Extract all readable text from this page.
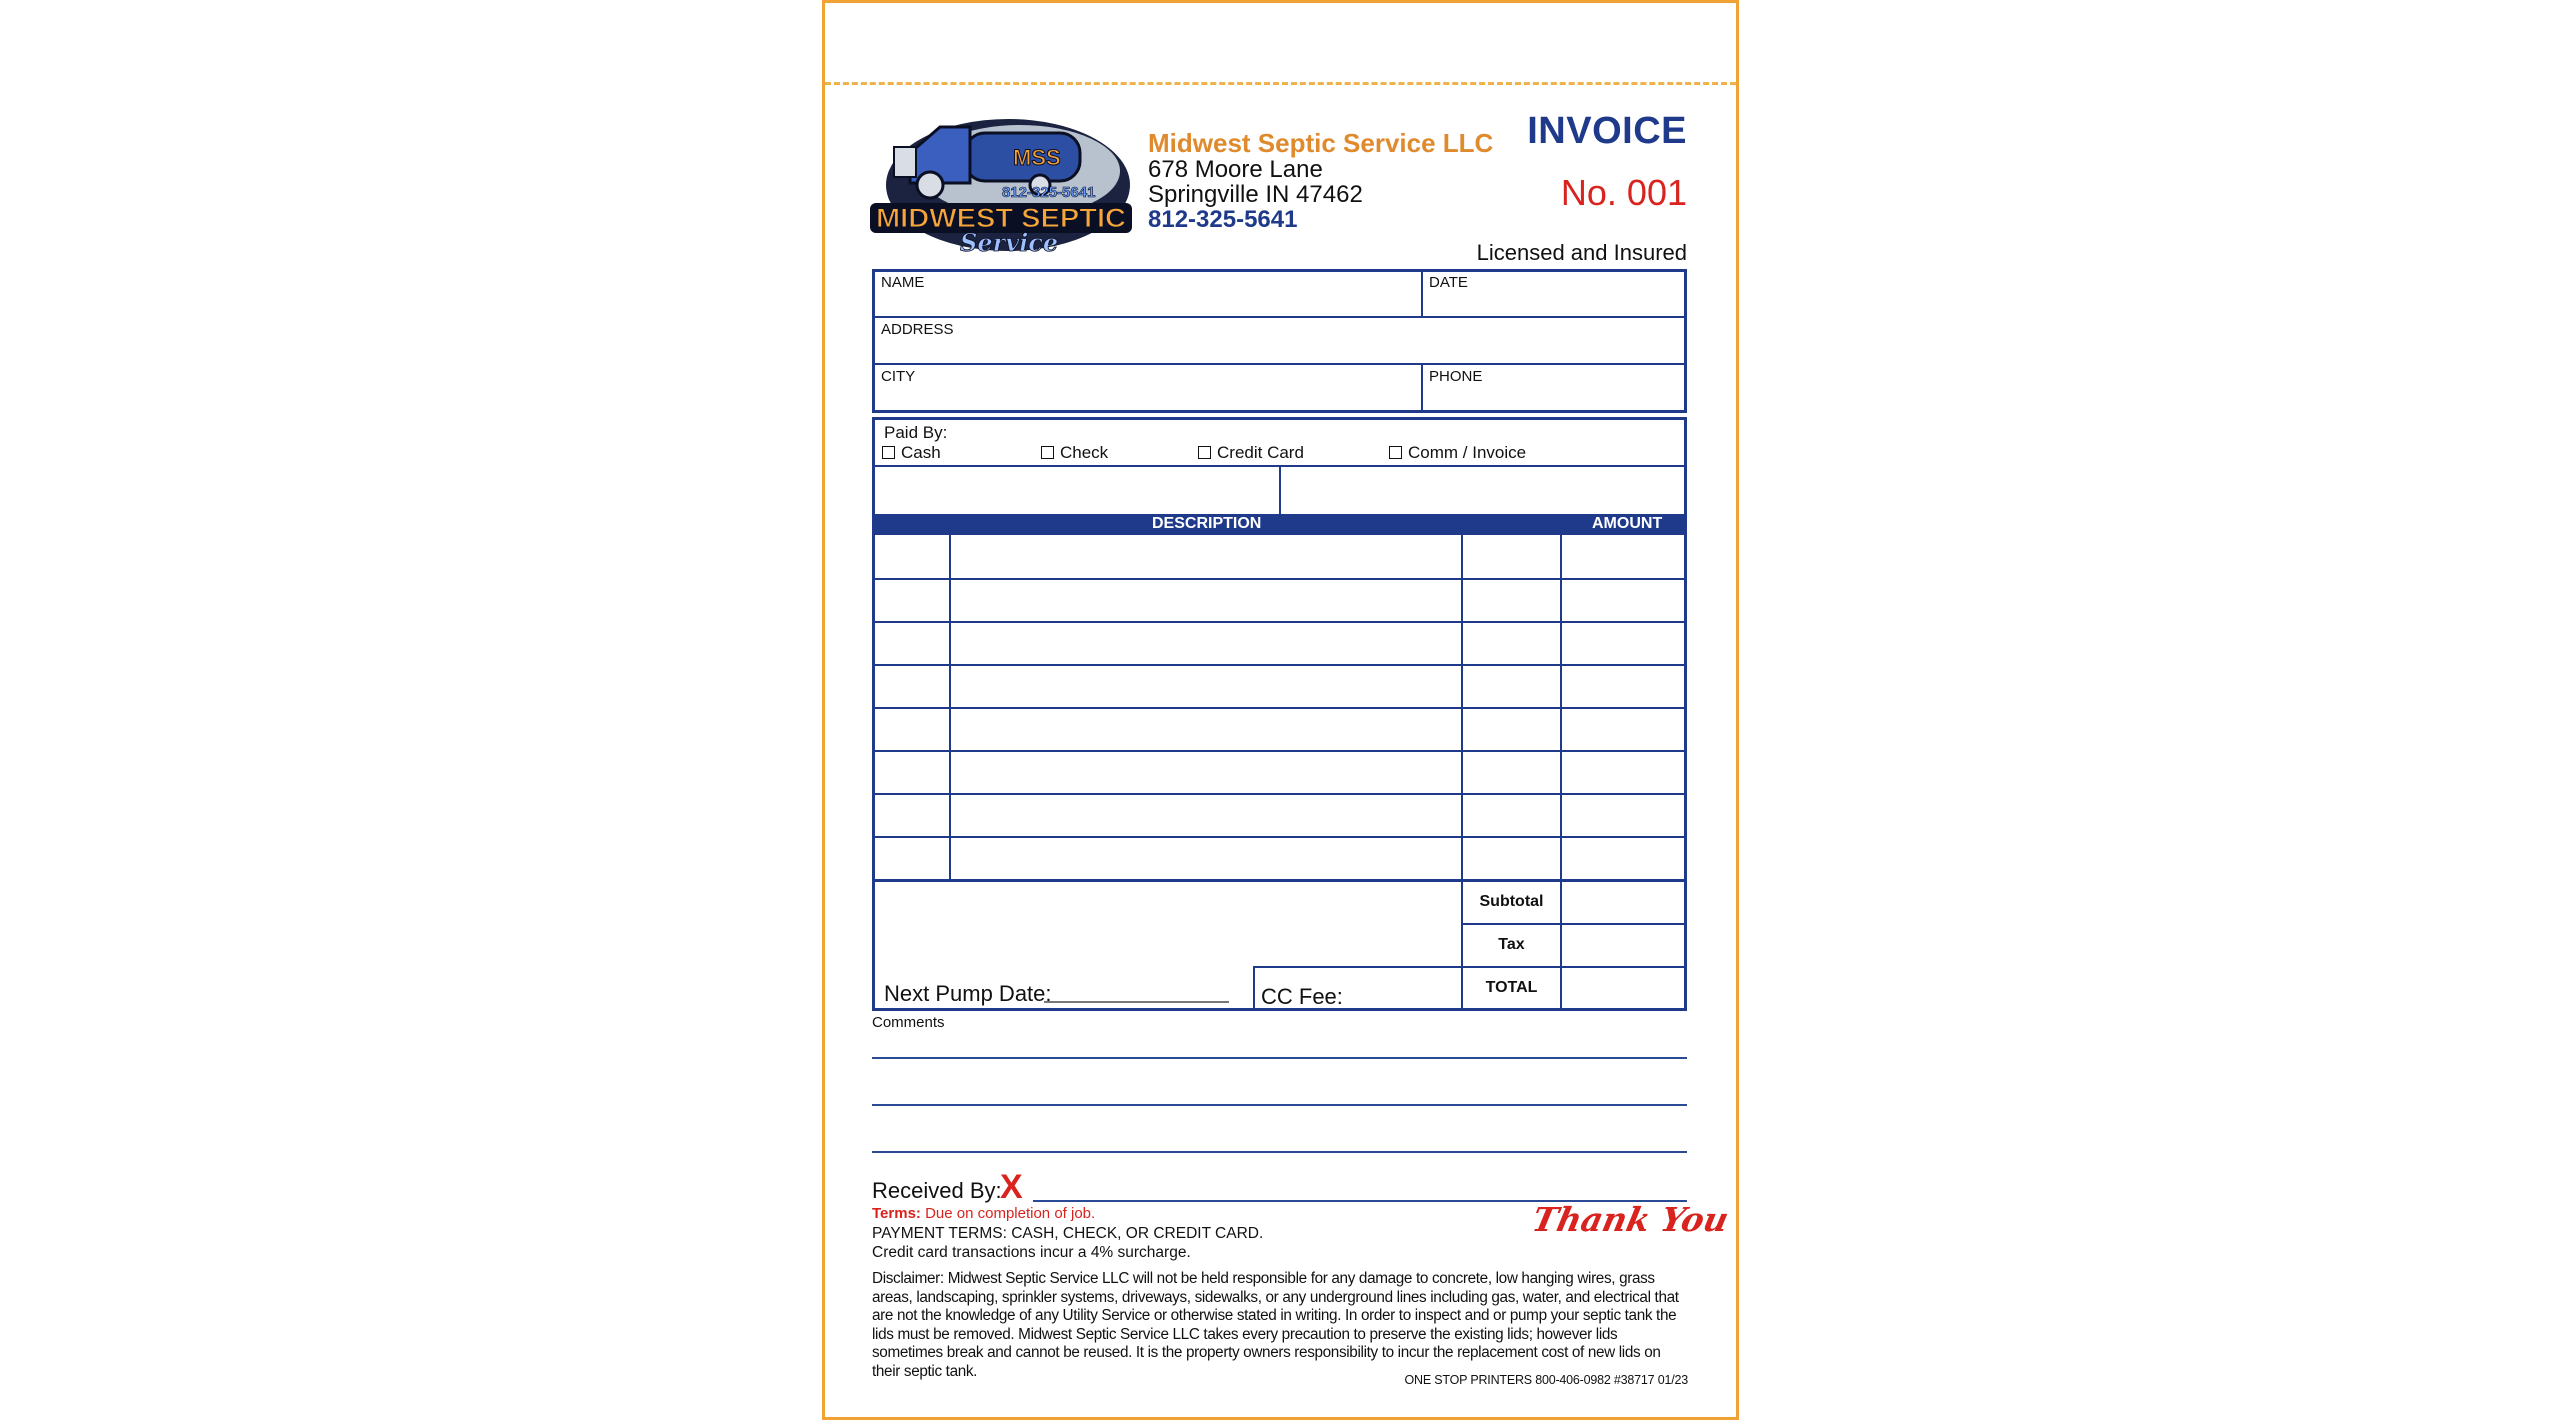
MSS
812-325-5641
MIDWEST SEPTIC
Service
Midwest Septic Service LLC
678 Moore Lane
Springville IN 47462
812-325-5641
INVOICE
No. 001
Licensed and Insured
NAME	DATE
ADDRESS
CITY	PHONE
Paid By:
Cash	Check	Credit Card	Comm / Invoice
DESCRIPTION	AMOUNT
Subtotal
Tax
TOTAL
Next Pump Date:	CC Fee:
Comments
Received By:
X
Terms: Due on completion of job.
PAYMENT TERMS: CASH, CHECK, OR CREDIT CARD.
Credit card transactions incur a 4% surcharge.
Disclaimer: Midwest Septic Service LLC will not be held responsible for any damage to concrete, low hanging wires, grass areas, landscaping, sprinkler systems, driveways, sidewalks, or any underground lines including gas, water, and electrical that are not the knowledge of any Utility Service or otherwise stated in writing. In order to inspect and or pump your septic tank the lids must be removed. Midwest Septic Service LLC takes every precaution to preserve the existing lids; however lids sometimes break and cannot be reused. It is the property owners responsibility to incur the replacement cost of new lids on their septic tank.
Thank You
ONE STOP PRINTERS 800-406-0982 #38717 01/23
